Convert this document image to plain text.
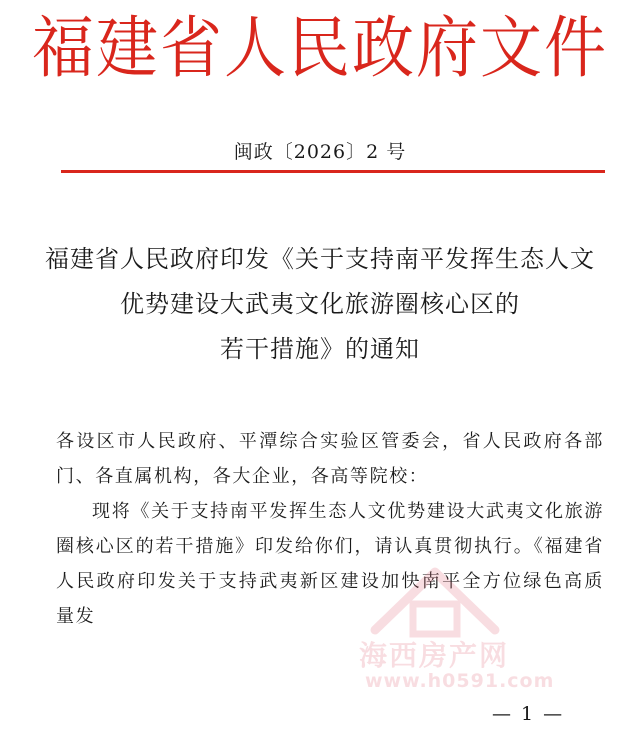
福建省人民政府文件
闽政〔2026〕2 号
福建省人民政府印发《关于支持南平发挥生态人文
优势建设大武夷文化旅游圈核心区的
若干措施》的通知

各设区市人民政府、平潭综合实验区管委会，省人民政府各部门、各直属机构，各大企业，各高等院校：

现将《关于支持南平发挥生态人文优势建设大武夷文化旅游圈核心区的若干措施》印发给你们，请认真贯彻执行。《福建省人民政府印发关于支持武夷新区建设加快南平全方位绿色高质量发

海西房产网
www.h0591.com
— 1 —
